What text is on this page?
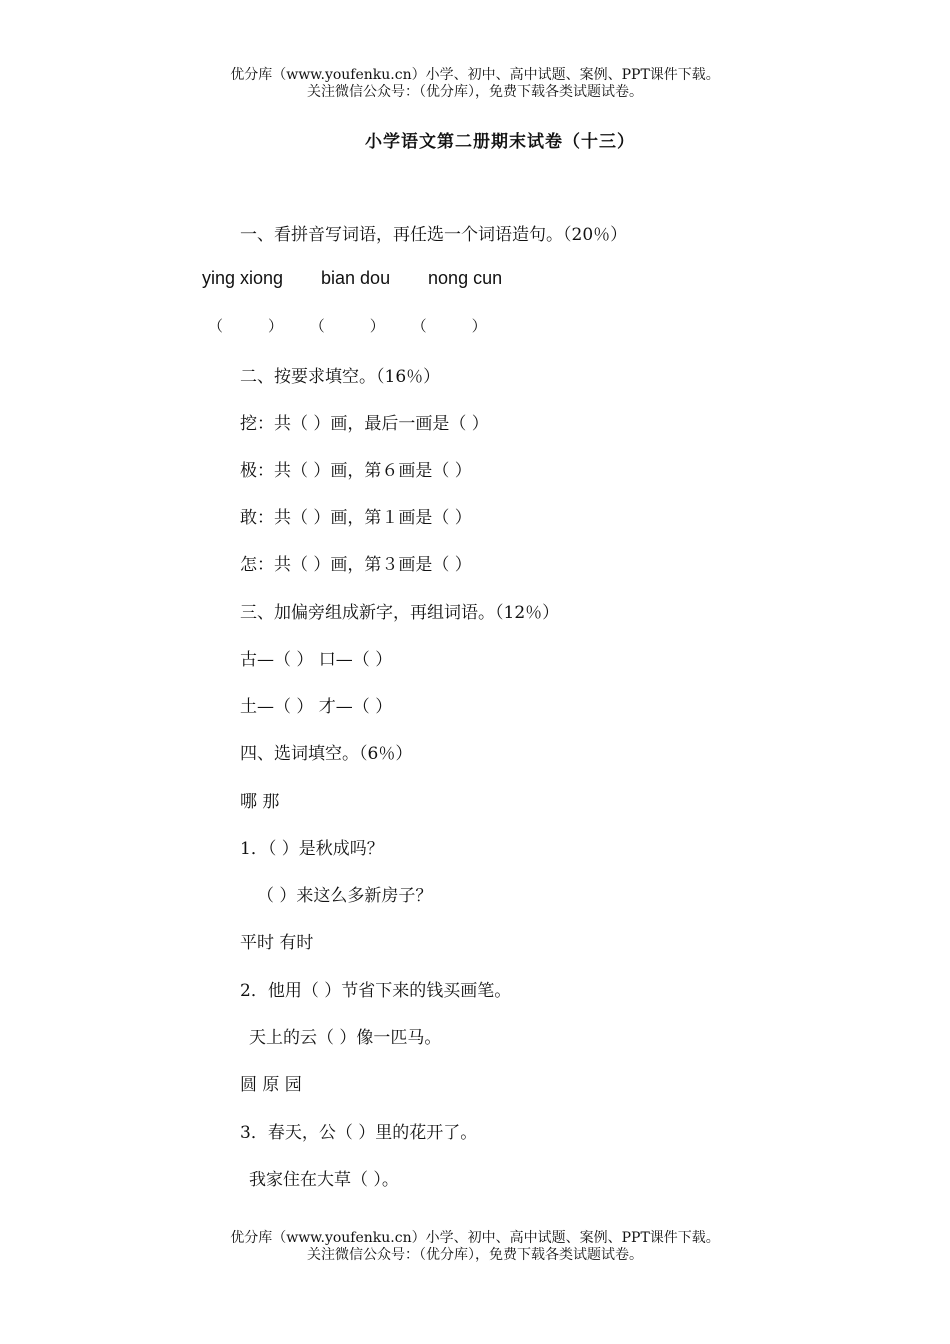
优分库（www.youfenku.cn）小学、初中、高中试题、案例、PPT课件下载。
关注微信公众号：（优分库），免费下载各类试题试卷。
小学语文第二册期末试卷（十三）
一、看拼音写词语，再任选一个词语造句。（20％）
ying xiong bian dou nong cun
（　　　） （　　　） （　　　）
二、按要求填空。（16％）
挖：共（ ）画，最后一画是（ ）
极：共（ ）画，第６画是（ ）
敢：共（ ）画，第１画是（ ）
怎：共（ ）画，第３画是（ ）
三、加偏旁组成新字，再组词语。（12％）
古—（ ） 口—（ ）
土—（ ） 才—（ ）
四、选词填空。（6％）
哪 那
1．（ ）是秋成吗？
（ ）来这么多新房子？
平时 有时
2．他用（ ）节省下来的钱买画笔。
天上的云（ ）像一匹马。
圆 原 园
3．春天，公（ ）里的花开了。
我家住在大草（ ）。
优分库（www.youfenku.cn）小学、初中、高中试题、案例、PPT课件下载。
关注微信公众号：（优分库），免费下载各类试题试卷。
